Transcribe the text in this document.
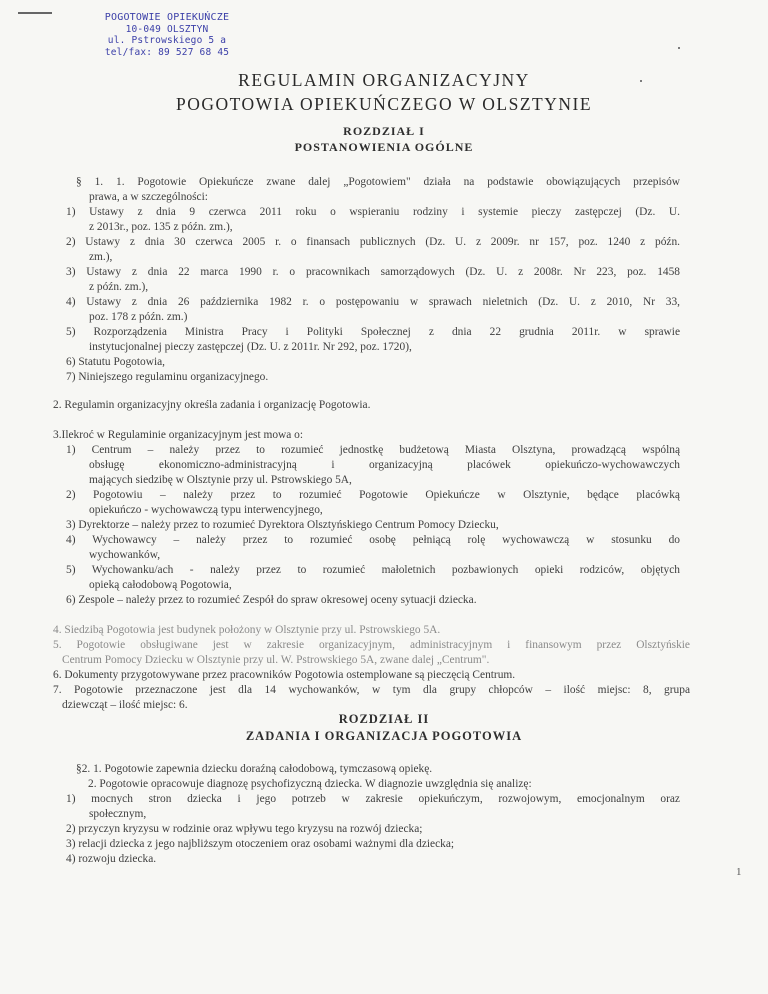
POGOTOWIE OPIEKUŃCZE
10-049 OLSZTYN
ul. Pstrowskiego 5 a
tel/fax: 89 527 68 45
REGULAMIN ORGANIZACYJNY
POGOTOWIA OPIEKUŃCZEGO W OLSZTYNIE
ROZDZIAŁ I
POSTANOWIENIA OGÓLNE
§ 1. 1. Pogotowie Opiekuńcze zwane dalej „Pogotowiem" działa na podstawie obowiązujących przepisów
prawa, a w szczególności:
1) Ustawy z dnia 9 czerwca 2011 roku o wspieraniu rodziny i systemie pieczy zastępczej (Dz. U.
z 2013r., poz. 135 z późn. zm.),
2) Ustawy z dnia 30 czerwca 2005 r. o finansach publicznych (Dz. U. z 2009r. nr 157, poz. 1240 z późn.
zm.),
3) Ustawy z dnia 22 marca 1990 r. o pracownikach samorządowych (Dz. U. z 2008r. Nr 223, poz. 1458
z późn. zm.),
4) Ustawy z dnia 26 października 1982 r. o postępowaniu w sprawach nieletnich (Dz. U. z 2010, Nr 33,
poz. 178 z późn. zm.)
5) Rozporządzenia Ministra Pracy i Polityki Społecznej z dnia 22 grudnia 2011r. w sprawie
instytucjonalnej pieczy zastępczej (Dz. U. z 2011r. Nr 292, poz. 1720),
6) Statutu Pogotowia,
7) Niniejszego regulaminu organizacyjnego.
2. Regulamin organizacyjny określa zadania i organizację Pogotowia.
3.Ilekroć w Regulaminie organizacyjnym jest mowa o:
1) Centrum – należy przez to rozumieć jednostkę budżetową Miasta Olsztyna, prowadzącą wspólną
obsługę ekonomiczno-administracyjną i organizacyjną placówek opiekuńczo-wychowawczych
mających siedzibę w Olsztynie przy ul. Pstrowskiego 5A,
2) Pogotowiu – należy przez to rozumieć Pogotowie Opiekuńcze w Olsztynie, będące placówką
opiekuńczo - wychowawczą typu interwencyjnego,
3) Dyrektorze – należy przez to rozumieć Dyrektora Olsztyńskiego Centrum Pomocy Dziecku,
4) Wychowawcy – należy przez to rozumieć osobę pełniącą rolę wychowawczą w stosunku do
wychowanków,
5) Wychowanku/ach - należy przez to rozumieć małoletnich pozbawionych opieki rodziców, objętych
opieką całodobową Pogotowia,
6) Zespole – należy przez to rozumieć Zespół do spraw okresowej oceny sytuacji dziecka.
4. Siedzibą Pogotowia jest budynek położony w Olsztynie przy ul. Pstrowskiego 5A.
5. Pogotowie obsługiwane jest w zakresie organizacyjnym, administracyjnym i finansowym przez Olsztyńskie
Centrum Pomocy Dziecku w Olsztynie przy ul. W. Pstrowskiego 5A, zwane dalej „Centrum".
6. Dokumenty przygotowywane przez pracowników Pogotowia ostemplowane są pieczęcią Centrum.
7. Pogotowie przeznaczone jest dla 14 wychowanków, w tym dla grupy chłopców – ilość miejsc: 8, grupa
dziewcząt – ilość miejsc: 6.
ROZDZIAŁ II
ZADANIA I ORGANIZACJA POGOTOWIA
§2. 1. Pogotowie zapewnia dziecku doraźną całodobową, tymczasową opiekę.
2. Pogotowie opracowuje diagnozę psychofizyczną dziecka. W diagnozie uwzględnia się analizę:
1) mocnych stron dziecka i jego potrzeb w zakresie opiekuńczym, rozwojowym, emocjonalnym oraz
społecznym,
2) przyczyn kryzysu w rodzinie oraz wpływu tego kryzysu na rozwój dziecka;
3) relacji dziecka z jego najbliższym otoczeniem oraz osobami ważnymi dla dziecka;
4) rozwoju dziecka.
1
